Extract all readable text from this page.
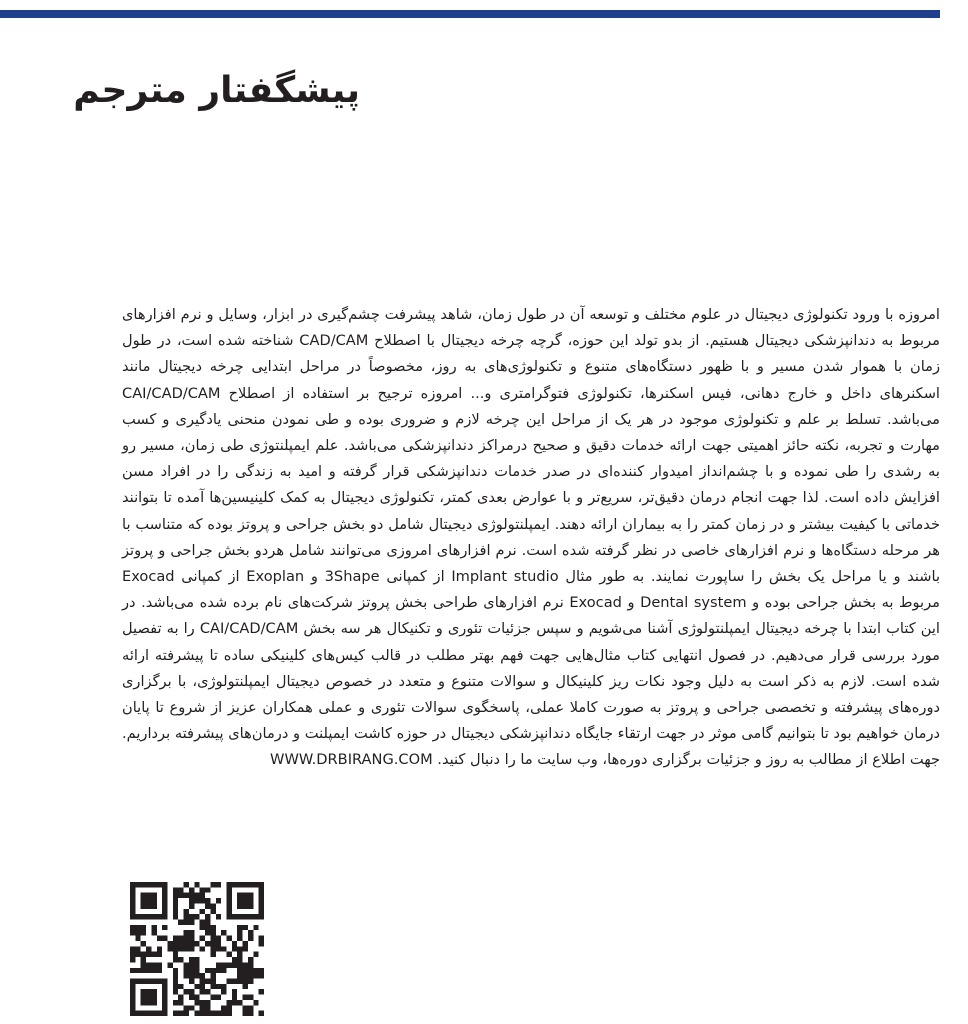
پیشگفتار مترجم

امروزه با ورود تکنولوژی دیجیتال در علوم مختلف و توسعه آن در طول زمان، شاهد پیشرفت چشم‌گیری در ابزار، وسایل و نرم افزارهای مربوط به دندانپزشکی دیجیتال هستیم. از بدو تولد این حوزه، گرچه چرخه دیجیتال با اصطلاح CAD/CAM شناخته شده است، در طول زمان با هموار شدن مسیر و با ظهور دستگاه‌های متنوع و تکنولوژی‌های به روز، مخصوصاً در مراحل ابتدایی چرخه دیجیتال مانند اسکنرهای داخل و خارج دهانی، فیس اسکنرها، تکنولوژی فتوگرامتری و... امروزه ترجیح بر استفاده از اصطلاح CAI/CAD/CAM می‌باشد. تسلط بر علم و تکنولوژی موجود در هر یک از مراحل این چرخه لازم و ضروری بوده و طی نمودن منحنی یادگیری و کسب مهارت و تجربه، نکته حائز اهمیتی جهت ارائه خدمات دقیق و صحیح درمراکز دندانپزشکی می‌باشد. علم ایمپلنتوژی طی زمان، مسیر رو به رشدی را طی نموده و با چشم‌انداز امیدوار کننده‌ای در صدر خدمات دندانپزشکی قرار گرفته و امید به زندگی را در افراد مسن افزایش داده است. لذا جهت انجام درمان دقیق‌تر، سریع‌تر و با عوارض بعدی کمتر، تکنولوژی دیجیتال به کمک کلینیسین‌ها آمده تا بتوانند خدماتی با کیفیت بیشتر و در زمان کمتر را به بیماران ارائه دهند. ایمپلنتولوژی دیجیتال شامل دو بخش جراحی و پروتز بوده که متناسب با هر مرحله دستگاه‌ها و نرم افزارهای خاصی در نظر گرفته شده است. نرم افزارهای امروزی می‌توانند شامل هردو بخش جراحی و پروتز باشند و یا مراحل یک بخش را ساپورت نمایند. به طور مثال Implant studio از کمپانی 3Shape و Exoplan از کمپانی Exocad مربوط به بخش جراحی بوده و Dental system و Exocad نرم افزارهای طراحی بخش پروتز شرکت‌های نام برده شده می‌باشد. در این کتاب ابتدا با چرخه دیجیتال ایمپلنتولوژی آشنا می‌شویم و سپس جزئیات تئوری و تکنیکال هر سه بخش CAI/CAD/CAM را به تفصیل مورد بررسی قرار می‌دهیم. در فصول انتهایی کتاب مثال‌هایی جهت فهم بهتر مطلب در قالب کیس‌های کلینیکی ساده تا پیشرفته ارائه شده است. لازم به ذکر است به دلیل وجود نکات ریز کلینیکال و سوالات متنوع و متعدد در خصوص دیجیتال ایمپلنتولوژی، با برگزاری دوره‌های پیشرفته و تخصصی جراحی و پروتز به صورت کاملا عملی، پاسخگوی سوالات تئوری و عملی همکاران عزیز از شروع تا پایان درمان خواهیم بود تا بتوانیم گامی موثر در جهت ارتقاء جایگاه دندانپزشکی دیجیتال در حوزه کاشت ایمپلنت و درمان‌های پیشرفته برداریم. جهت اطلاع از مطالب به روز و جزئیات برگزاری دوره‌ها، وب سایت ما را دنبال کنید. WWW.DRBIRANG.COM
